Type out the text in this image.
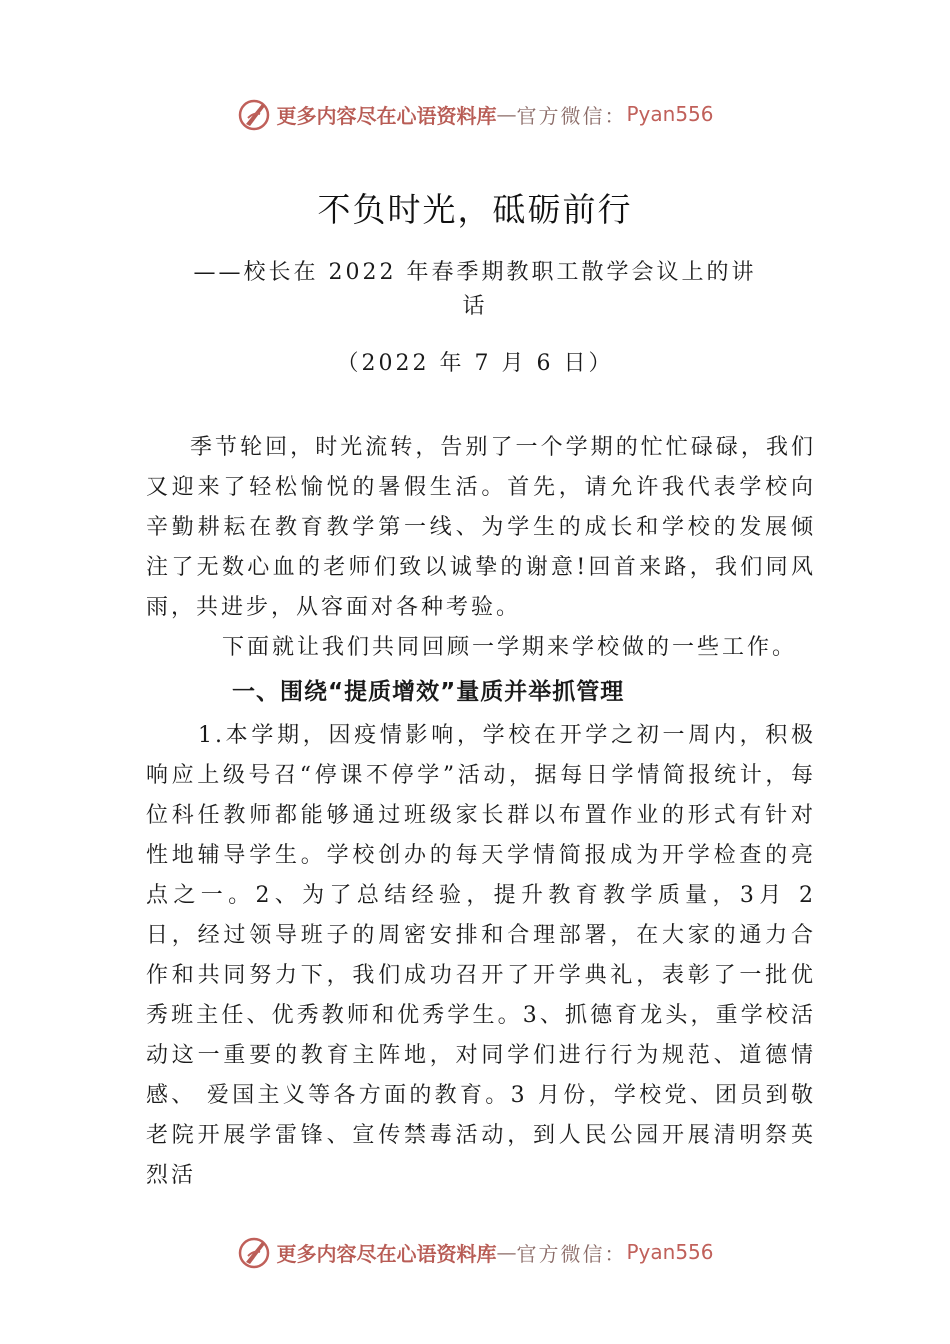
更多内容尽在心语资料库 — 官方微信： Pyan556
不负时光，砥砺前行
——校长在 2022 年春季期教职工散学会议上的讲话
（2022 年 7 月 6 日）

季节轮回，时光流转，告别了一个学期的忙忙碌碌，我们又迎来了轻松愉悦的暑假生活。首先，请允许我代表学校向辛勤耕耘在教育教学第一线、为学生的成长和学校的发展倾注了无数心血的老师们致以诚挚的谢意!回首来路，我们同风雨，共进步，从容面对各种考验。

下面就让我们共同回顾一学期来学校做的一些工作。

一、围绕“提质增效”量质并举抓管理

1.本学期，因疫情影响，学校在开学之初一周内，积极响应上级号召“停课不停学”活动，据每日学情简报统计，每位科任教师都能够通过班级家长群以布置作业的形式有针对性地辅导学生。学校创办的每天学情简报成为开学检查的亮点之一。2、为了总结经验，提升教育教学质量，3月 2 日，经过领导班子的周密安排和合理部署，在大家的通力合作和共同努力下，我们成功召开了开学典礼，表彰了一批优秀班主任、优秀教师和优秀学生。3、抓德育龙头，重学校活动这一重要的教育主阵地，对同学们进行行为规范、道德情感、 爱国主义等各方面的教育。3 月份，学校党、团员到敬老院开展学雷锋、宣传禁毒活动，到人民公园开展清明祭英烈活

更多内容尽在心语资料库 — 官方微信： Pyan556
